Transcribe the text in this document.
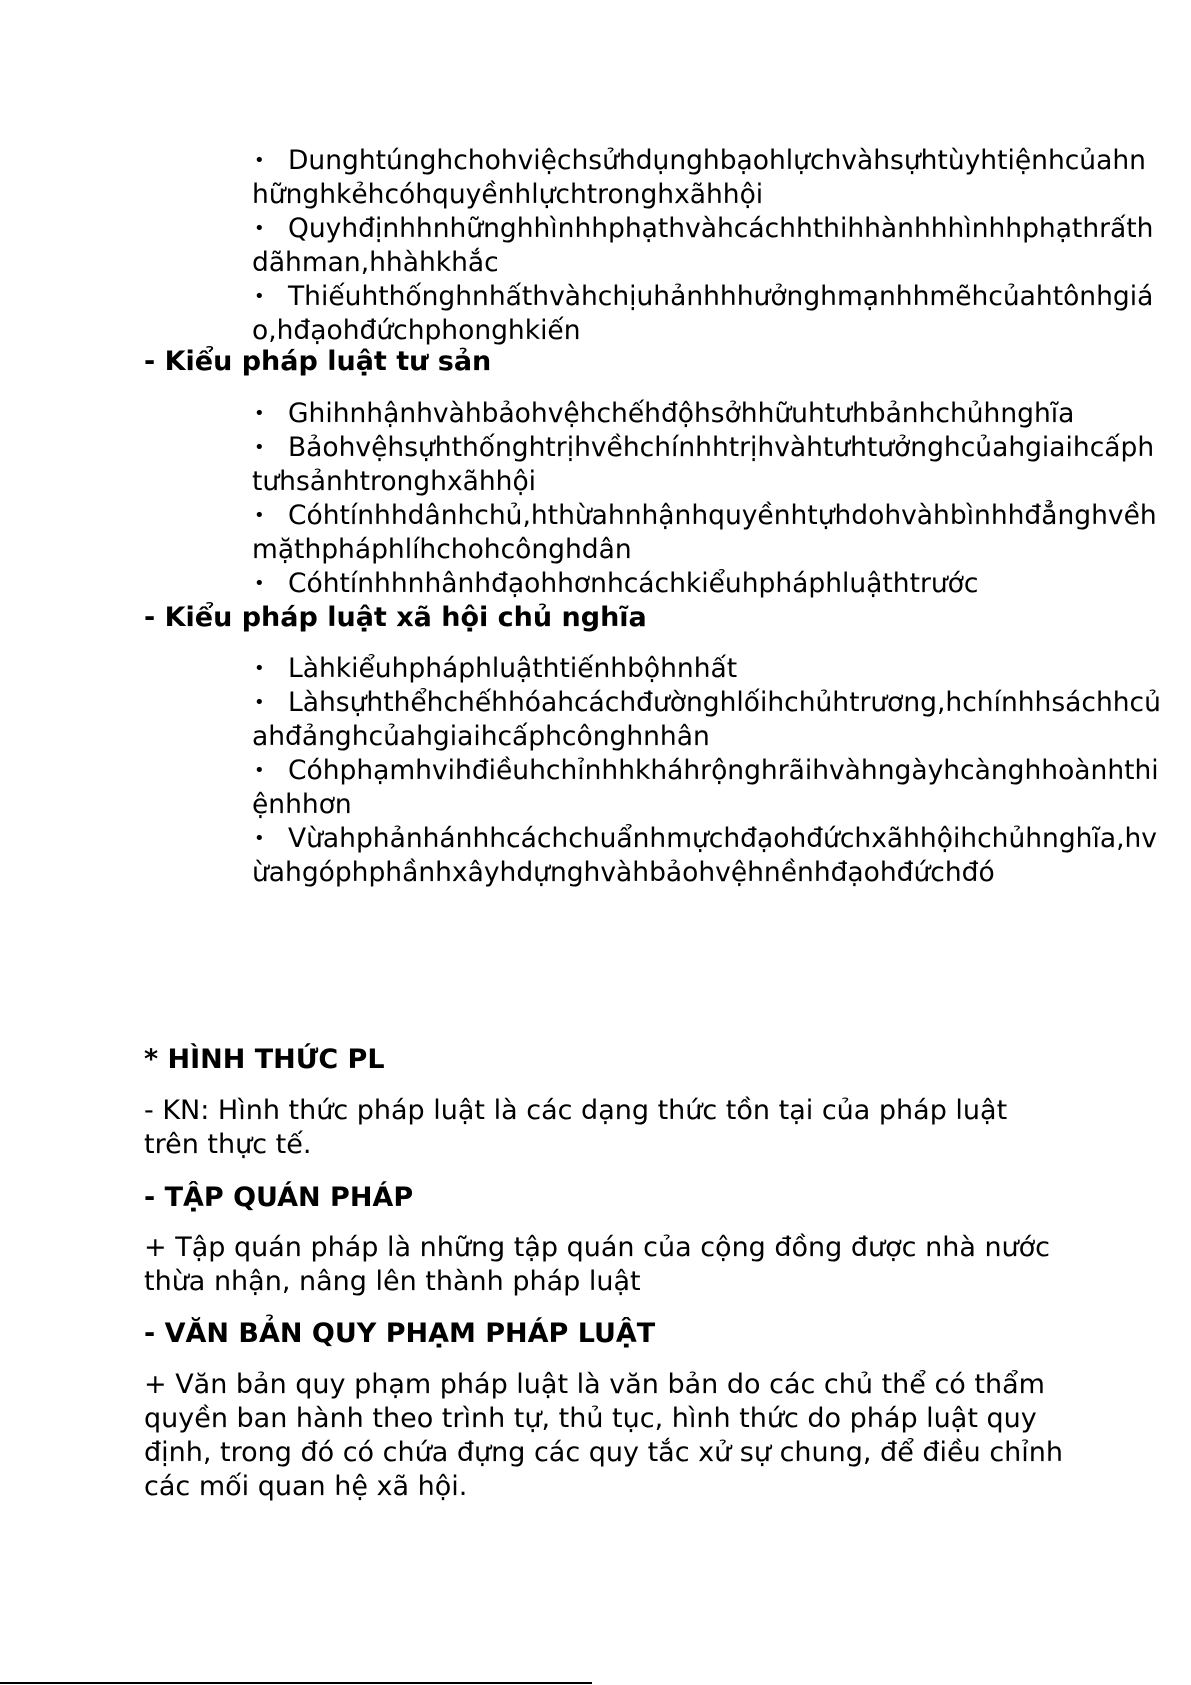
• Dunghtúnghchohviệchsửhdụnghbạohlựchvàhsựhtùyhtiệnhcủahnhữnghkẻhcóhquyềnhlựchtronghxãhhội
• Quyhđịnhhnhữnghhìnhhphạthvàhcáchhthihhànhhhìnhhphạthrấthdãhman,hhàhkhắc
• Thiếuhthốnghnhấthvàhchịuhảnhhhưởnghmạnhhmẽhcủahtônhgiáo,hđạohđứchphonghkiến
- Kiểu pháp luật tư sản
• Ghihnhậnhvàhbảohvệhchếhđộhsởhhữuhtưhbảnhchủhnghĩa
• Bảohvệhsựhthốnghtrịhvềhchínhhtrịhvàhtưhtưởnghcủahgiaihcấphtưhsảnhtronghxãhhội
• Cóhtínhhdânhchủ,hthừahnhậnhquyềnhtựhdohvàhbìnhhđẳnghvềhmặthpháphlíhchohcônghdân
• Cóhtínhhnhânhđạohhơnhcáchkiểuhpháphluậthtrước
- Kiểu pháp luật xã hội chủ nghĩa
• Làhkiểuhpháphluậthtiếnhbộhnhất
• Làhsựhthểhchếhhóahcáchđườnghlốihchủhtrương,hchínhhsáchhcủahđảnghcủahgiaihcấphcônghnhân
• Cóhphạmhvihđiềuhchỉnhhkháhrộnghrãihvàhngàyhcànghhoànhthiệnhhơn
• Vừahphảnhánhhcáchchuẩnhmựchđạohđứchxãhhộihchủhnghĩa,hvừahgóphphầnhxâyhdựnghvàhbảohvệhnềnhđạohđứchđó
* HÌNH THỨC PL

- KN: Hình thức pháp luật là các dạng thức tồn tại của pháp luật trên thực tế.

- TẬP QUÁN PHÁP

+ Tập quán pháp là những tập quán của cộng đồng được nhà nước thừa nhận, nâng lên thành pháp luật

- VĂN BẢN QUY PHẠM PHÁP LUẬT

+ Văn bản quy phạm pháp luật là văn bản do các chủ thể có thẩm quyền ban hành theo trình tự, thủ tục, hình thức do pháp luật quy định, trong đó có chứa đựng các quy tắc xử sự chung, để điều chỉnh các mối quan hệ xã hội.
